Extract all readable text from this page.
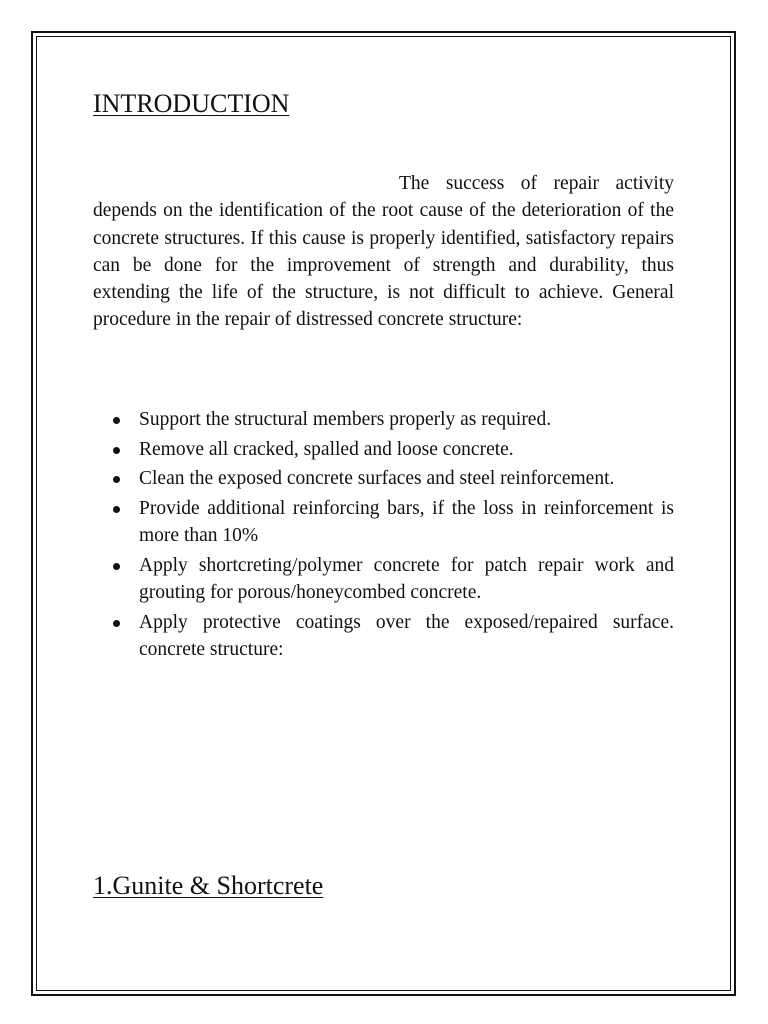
INTRODUCTION

The success of repair activity depends on the identification of the root cause of the deterioration of the concrete structures. If this cause is properly identified, satisfactory repairs can be done for the improvement of strength and durability, thus extending the life of the structure, is not difficult to achieve. General procedure in the repair of distressed concrete structure:

Support the structural members properly as required.
Remove all cracked, spalled and loose concrete.
Clean the exposed concrete surfaces and steel reinforcement.
Provide additional reinforcing bars, if the loss in reinforcement is more than 10%
Apply shortcreting/polymer concrete for patch repair work and grouting for porous/honeycombed concrete.
Apply protective coatings over the exposed/repaired surface. concrete structure:
1.Gunite & Shortcrete
